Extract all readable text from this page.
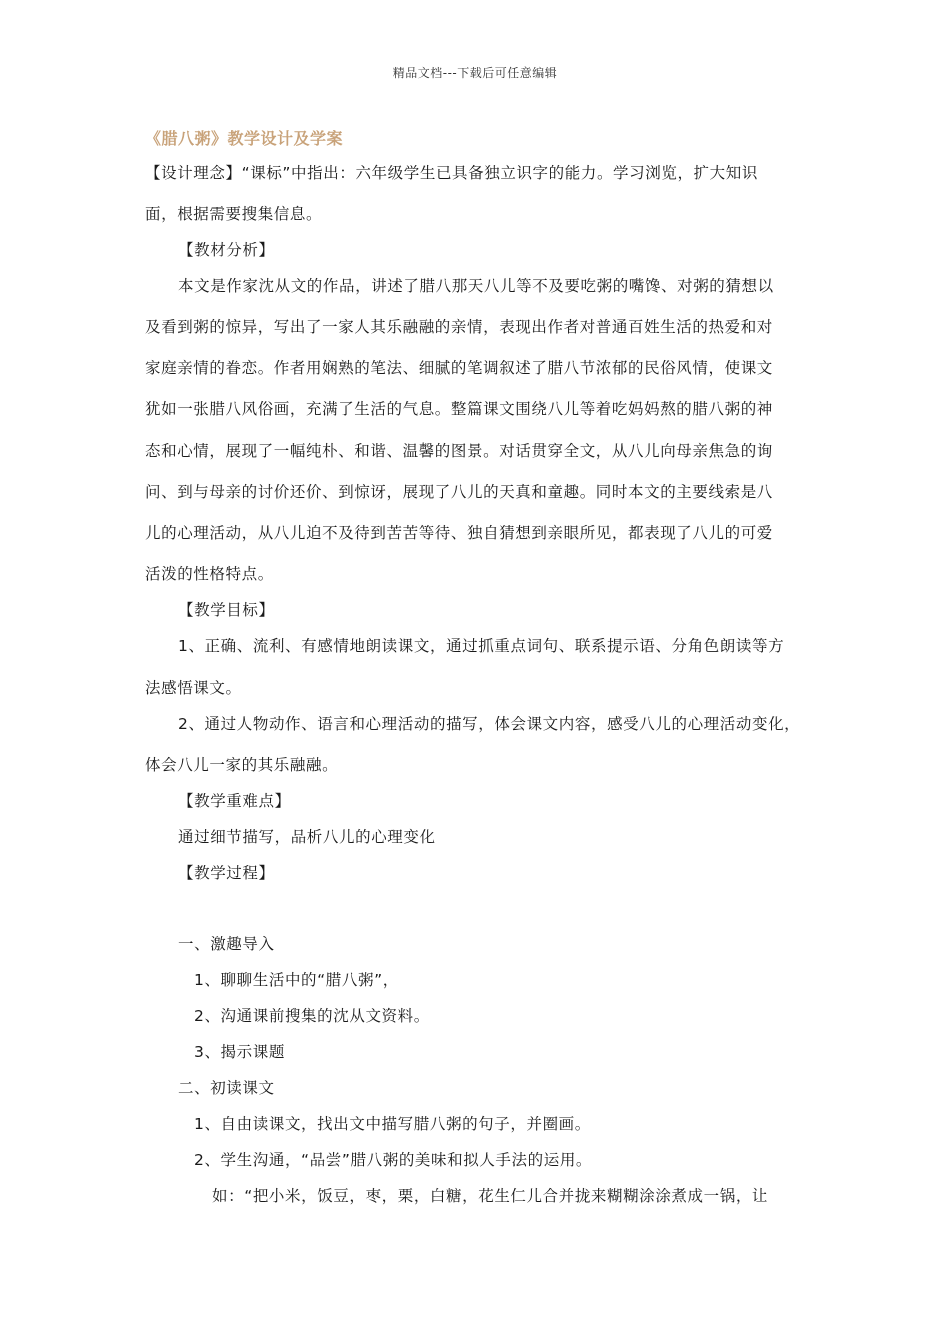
精品文档---下载后可任意编辑
《腊八粥》教学设计及学案
【设计理念】“课标”中指出：六年级学生已具备独立识字的能力。学习浏览，扩大知识
面，根据需要搜集信息。
【教材分析】
本文是作家沈从文的作品，讲述了腊八那天八儿等不及要吃粥的嘴馋、对粥的猜想以
及看到粥的惊异，写出了一家人其乐融融的亲情，表现出作者对普通百姓生活的热爱和对
家庭亲情的眷恋。作者用娴熟的笔法、细腻的笔调叙述了腊八节浓郁的民俗风情，使课文
犹如一张腊八风俗画，充满了生活的气息。整篇课文围绕八儿等着吃妈妈熬的腊八粥的神
态和心情，展现了一幅纯朴、和谐、温馨的图景。对话贯穿全文，从八儿向母亲焦急的询
问、到与母亲的讨价还价、到惊讶，展现了八儿的天真和童趣。同时本文的主要线索是八
儿的心理活动，从八儿迫不及待到苦苦等待、独自猜想到亲眼所见，都表现了八儿的可爱
活泼的性格特点。
【教学目标】
1、正确、流利、有感情地朗读课文，通过抓重点词句、联系提示语、分角色朗读等方
法感悟课文。
2、通过人物动作、语言和心理活动的描写，体会课文内容，感受八儿的心理活动变化，
体会八儿一家的其乐融融。
【教学重难点】
通过细节描写，品析八儿的心理变化
【教学过程】
一、激趣导入
1、聊聊生活中的“腊八粥”，
2、沟通课前搜集的沈从文资料。
3、揭示课题
二、初读课文
1、自由读课文，找出文中描写腊八粥的句子，并圈画。
2、学生沟通，“品尝”腊八粥的美味和拟人手法的运用。
如：“把小米，饭豆，枣，栗，白糖，花生仁儿合并拢来糊糊涂涂煮成一锅，让
